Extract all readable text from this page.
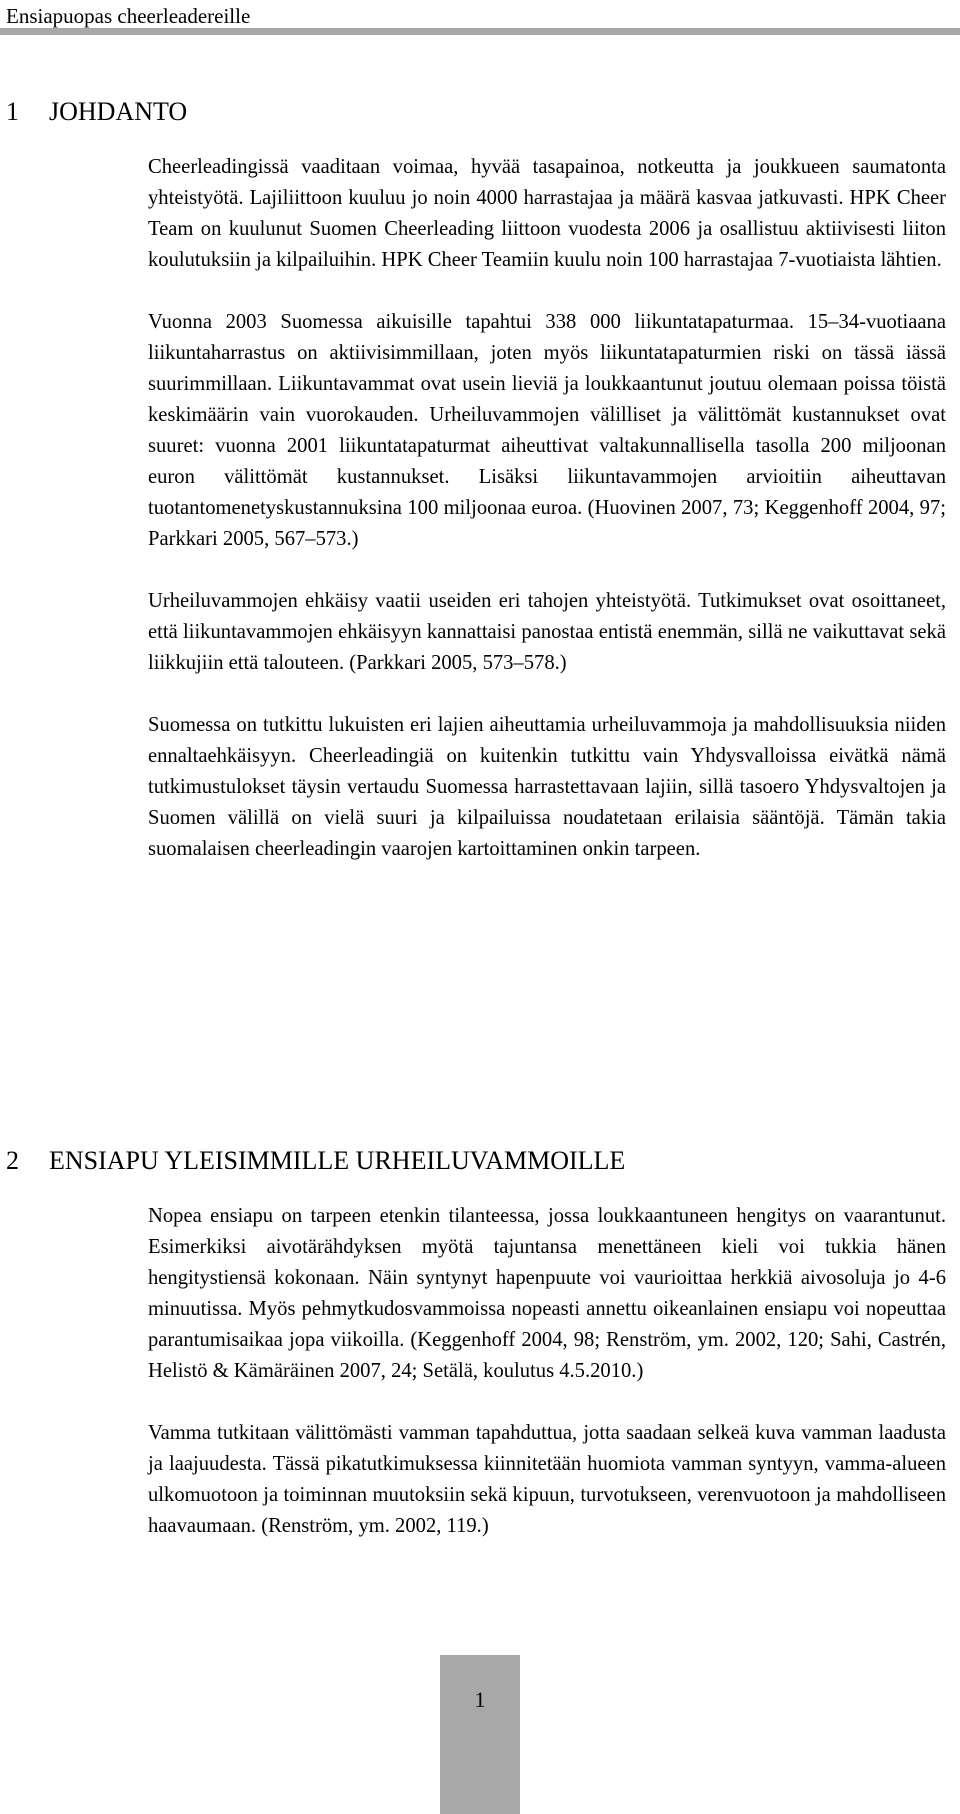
Ensiapuopas cheerleadereille
1 JOHDANTO

Cheerleadingissä vaaditaan voimaa, hyvää tasapainoa, notkeutta ja joukkueen saumatonta yhteistyötä. Lajiliittoon kuuluu jo noin 4000 harrastajaa ja määrä kasvaa jatkuvasti. HPK Cheer Team on kuulunut Suomen Cheerleading liittoon vuodesta 2006 ja osallistuu aktiivisesti liiton koulutuksiin ja kilpailuihin. HPK Cheer Teamiin kuulu noin 100 harrastajaa 7-vuotiaista lähtien.

Vuonna 2003 Suomessa aikuisille tapahtui 338 000 liikuntatapaturmaa. 15–34-vuotiaana liikuntaharrastus on aktiivisimmillaan, joten myös liikuntatapaturmien riski on tässä iässä suurimmillaan. Liikuntavammat ovat usein lieviä ja loukkaantunut joutuu olemaan poissa töistä keskimäärin vain vuorokauden. Urheiluvammojen välilliset ja välittömät kustannukset ovat suuret: vuonna 2001 liikuntatapaturmat aiheuttivat valtakunnallisella tasolla 200 miljoonan euron välittömät kustannukset. Lisäksi liikuntavammojen arvioitiin aiheuttavan tuotantomenetyskustannuksina 100 miljoonaa euroa. (Huovinen 2007, 73; Keggenhoff 2004, 97; Parkkari 2005, 567–573.)

Urheiluvammojen ehkäisy vaatii useiden eri tahojen yhteistyötä. Tutkimukset ovat osoittaneet, että liikuntavammojen ehkäisyyn kannattaisi panostaa entistä enemmän, sillä ne vaikuttavat sekä liikkujiin että talouteen. (Parkkari 2005, 573–578.)

Suomessa on tutkittu lukuisten eri lajien aiheuttamia urheiluvammoja ja mahdollisuuksia niiden ennaltaehkäisyyn. Cheerleadingiä on kuitenkin tutkittu vain Yhdysvalloissa eivätkä nämä tutkimustulokset täysin vertaudu Suomessa harrastettavaan lajiin, sillä tasoero Yhdysvaltojen ja Suomen välillä on vielä suuri ja kilpailuissa noudatetaan erilaisia sääntöjä. Tämän takia suomalaisen cheerleadingin vaarojen kartoittaminen onkin tarpeen.

2 ENSIAPU YLEISIMMILLE URHEILUVAMMOILLE

Nopea ensiapu on tarpeen etenkin tilanteessa, jossa loukkaantuneen hengitys on vaarantunut. Esimerkiksi aivotärähdyksen myötä tajuntansa menettäneen kieli voi tukkia hänen hengitystiensä kokonaan. Näin syntynyt hapenpuute voi vaurioittaa herkkiä aivosoluja jo 4-6 minuutissa. Myös pehmytkudosvammoissa nopeasti annettu oikeanlainen ensiapu voi nopeuttaa parantumisaikaa jopa viikoilla. (Keggenhoff 2004, 98; Renström, ym. 2002, 120; Sahi, Castrén, Helistö & Kämäräinen 2007, 24; Setälä, koulutus 4.5.2010.)

Vamma tutkitaan välittömästi vamman tapahduttua, jotta saadaan selkeä kuva vamman laadusta ja laajuudesta. Tässä pikatutkimuksessa kiinnitetään huomiota vamman syntyyn, vamma-alueen ulkomuotoon ja toiminnan muutoksiin sekä kipuun, turvotukseen, verenvuotoon ja mahdolliseen haavaumaan. (Renström, ym. 2002, 119.)

1
